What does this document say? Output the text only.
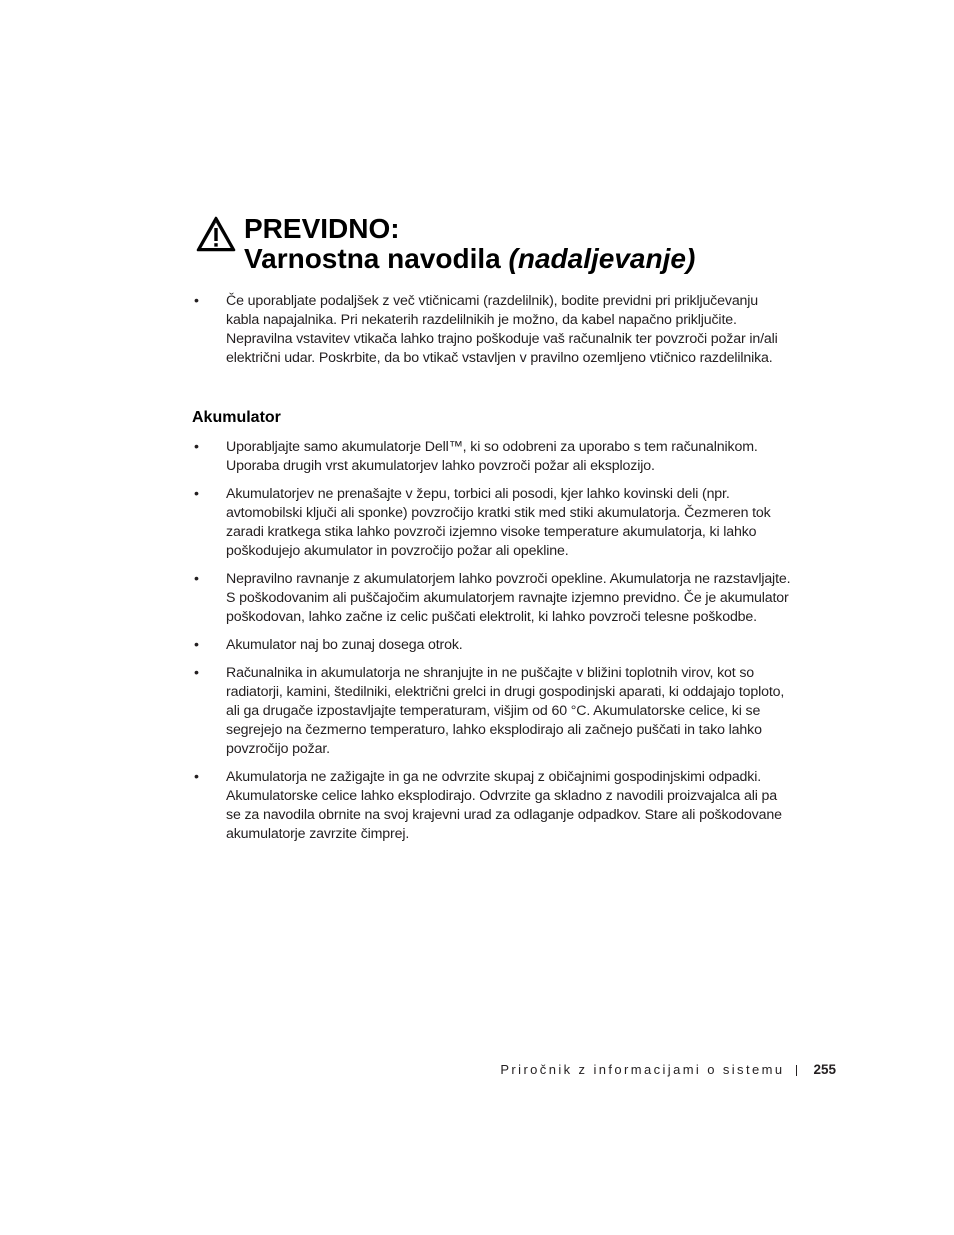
PREVIDNO:
Varnostna navodila (nadaljevanje)
• Če uporabljate podaljšek z več vtičnicami (razdelilnik), bodite previdni pri priključevanju kabla napajalnika. Pri nekaterih razdelilnikih je možno, da kabel napačno priključite. Nepravilna vstavitev vtikača lahko trajno poškoduje vaš računalnik ter povzroči požar in/ali električni udar. Poskrbite, da bo vtikač vstavljen v pravilno ozemljeno vtičnico razdelilnika.
Akumulator
• Uporabljajte samo akumulatorje Dell™, ki so odobreni za uporabo s tem računalnikom. Uporaba drugih vrst akumulatorjev lahko povzroči požar ali eksplozijo.
• Akumulatorjev ne prenašajte v žepu, torbici ali posodi, kjer lahko kovinski deli (npr. avtomobilski ključi ali sponke) povzročijo kratki stik med stiki akumulatorja. Čezmeren tok zaradi kratkega stika lahko povzroči izjemno visoke temperature akumulatorja, ki lahko poškodujejo akumulator in povzročijo požar ali opekline.
• Nepravilno ravnanje z akumulatorjem lahko povzroči opekline. Akumulatorja ne razstavljajte. S poškodovanim ali puščajočim akumulatorjem ravnajte izjemno previdno. Če je akumulator poškodovan, lahko začne iz celic puščati elektrolit, ki lahko povzroči telesne poškodbe.
• Akumulator naj bo zunaj dosega otrok.
• Računalnika in akumulatorja ne shranjujte in ne puščajte v bližini toplotnih virov, kot so radiatorji, kamini, štedilniki, električni grelci in drugi gospodinjski aparati, ki oddajajo toploto, ali ga drugače izpostavljajte temperaturam, višjim od 60 °C. Akumulatorske celice, ki se segrejejo na čezmerno temperaturo, lahko eksplodirajo ali začnejo puščati in tako lahko povzročijo požar.
• Akumulatorja ne zažigajte in ga ne odvrzite skupaj z običajnimi gospodinjskimi odpadki. Akumulatorske celice lahko eksplodirajo. Odvrzite ga skladno z navodili proizvajalca ali pa se za navodila obrnite na svoj krajevni urad za odlaganje odpadkov. Stare ali poškodovane akumulatorje zavrzite čimprej.
Priročnik z informacijami o sistemu 255
